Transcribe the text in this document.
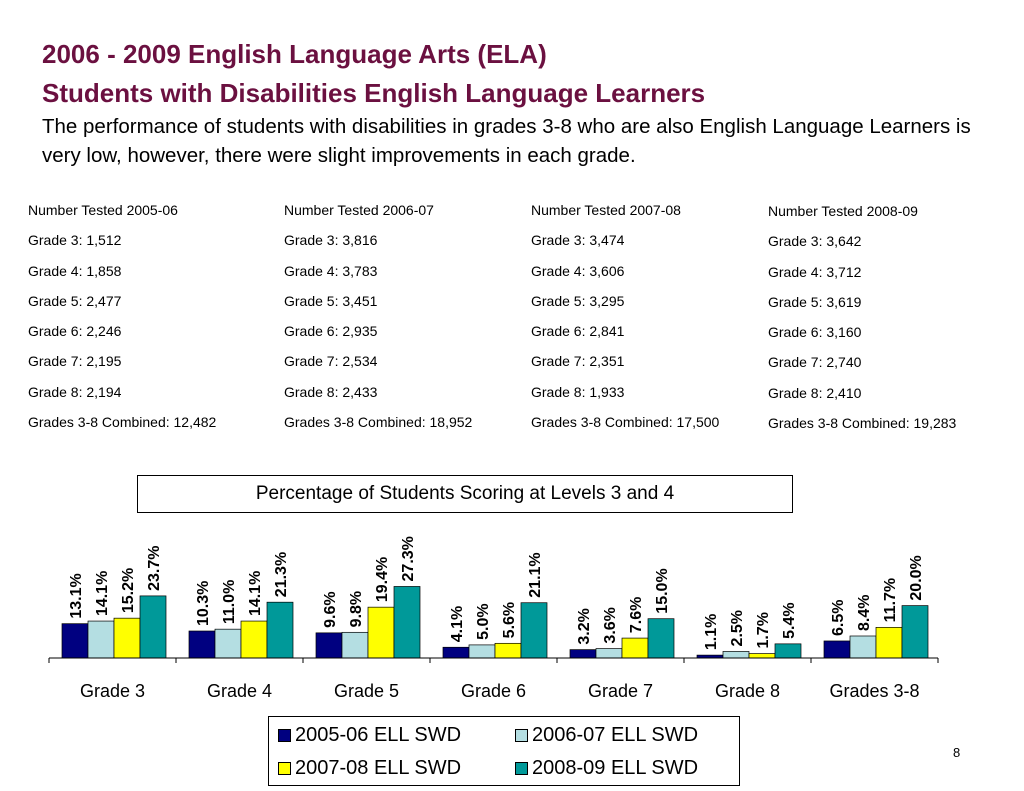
2006 - 2009 English Language Arts (ELA)
Students with Disabilities English Language Learners
The performance of students with disabilities in grades 3-8 who are also English Language Learners is very low, however, there were slight improvements in each grade.
Number Tested 2005-06
Grade 3: 1,512
Grade 4: 1,858
Grade 5: 2,477
Grade 6: 2,246
Grade 7: 2,195
Grade 8: 2,194
Grades 3-8 Combined: 12,482
Number Tested 2006-07
Grade 3: 3,816
Grade 4: 3,783
Grade 5: 3,451
Grade 6: 2,935
Grade 7: 2,534
Grade 8: 2,433
Grades 3-8 Combined: 18,952
Number Tested 2007-08
Grade 3: 3,474
Grade 4: 3,606
Grade 5: 3,295
Grade 6: 2,841
Grade 7: 2,351
Grade 8: 1,933
Grades 3-8 Combined: 17,500
Number Tested 2008-09
Grade 3: 3,642
Grade 4: 3,712
Grade 5: 3,619
Grade 6: 3,160
Grade 7: 2,740
Grade 8: 2,410
Grades 3-8 Combined: 19,283
Percentage of Students Scoring at Levels 3 and 4
13.1%	10.3%	9.6%	4.1%	3.2%	1.1%	6.5%
14.1%	11.0%	9.8%	5.0%	3.6%	2.5%	8.4%
15.2%	14.1%	19.4%
5.6%	7.6%	1.7%
11.7%
23.7%	21.3%	27.3%	21.1%	15.0%
5.4%
20.0%
Grade 3	Grade 4	Grade 5	Grade 6	Grade 7	Grade 8	Grades 3-8
2005-06 ELL SWD	2006-07 ELL SWD
2007-08 ELL SWD	2008-09 ELL SWD
8
